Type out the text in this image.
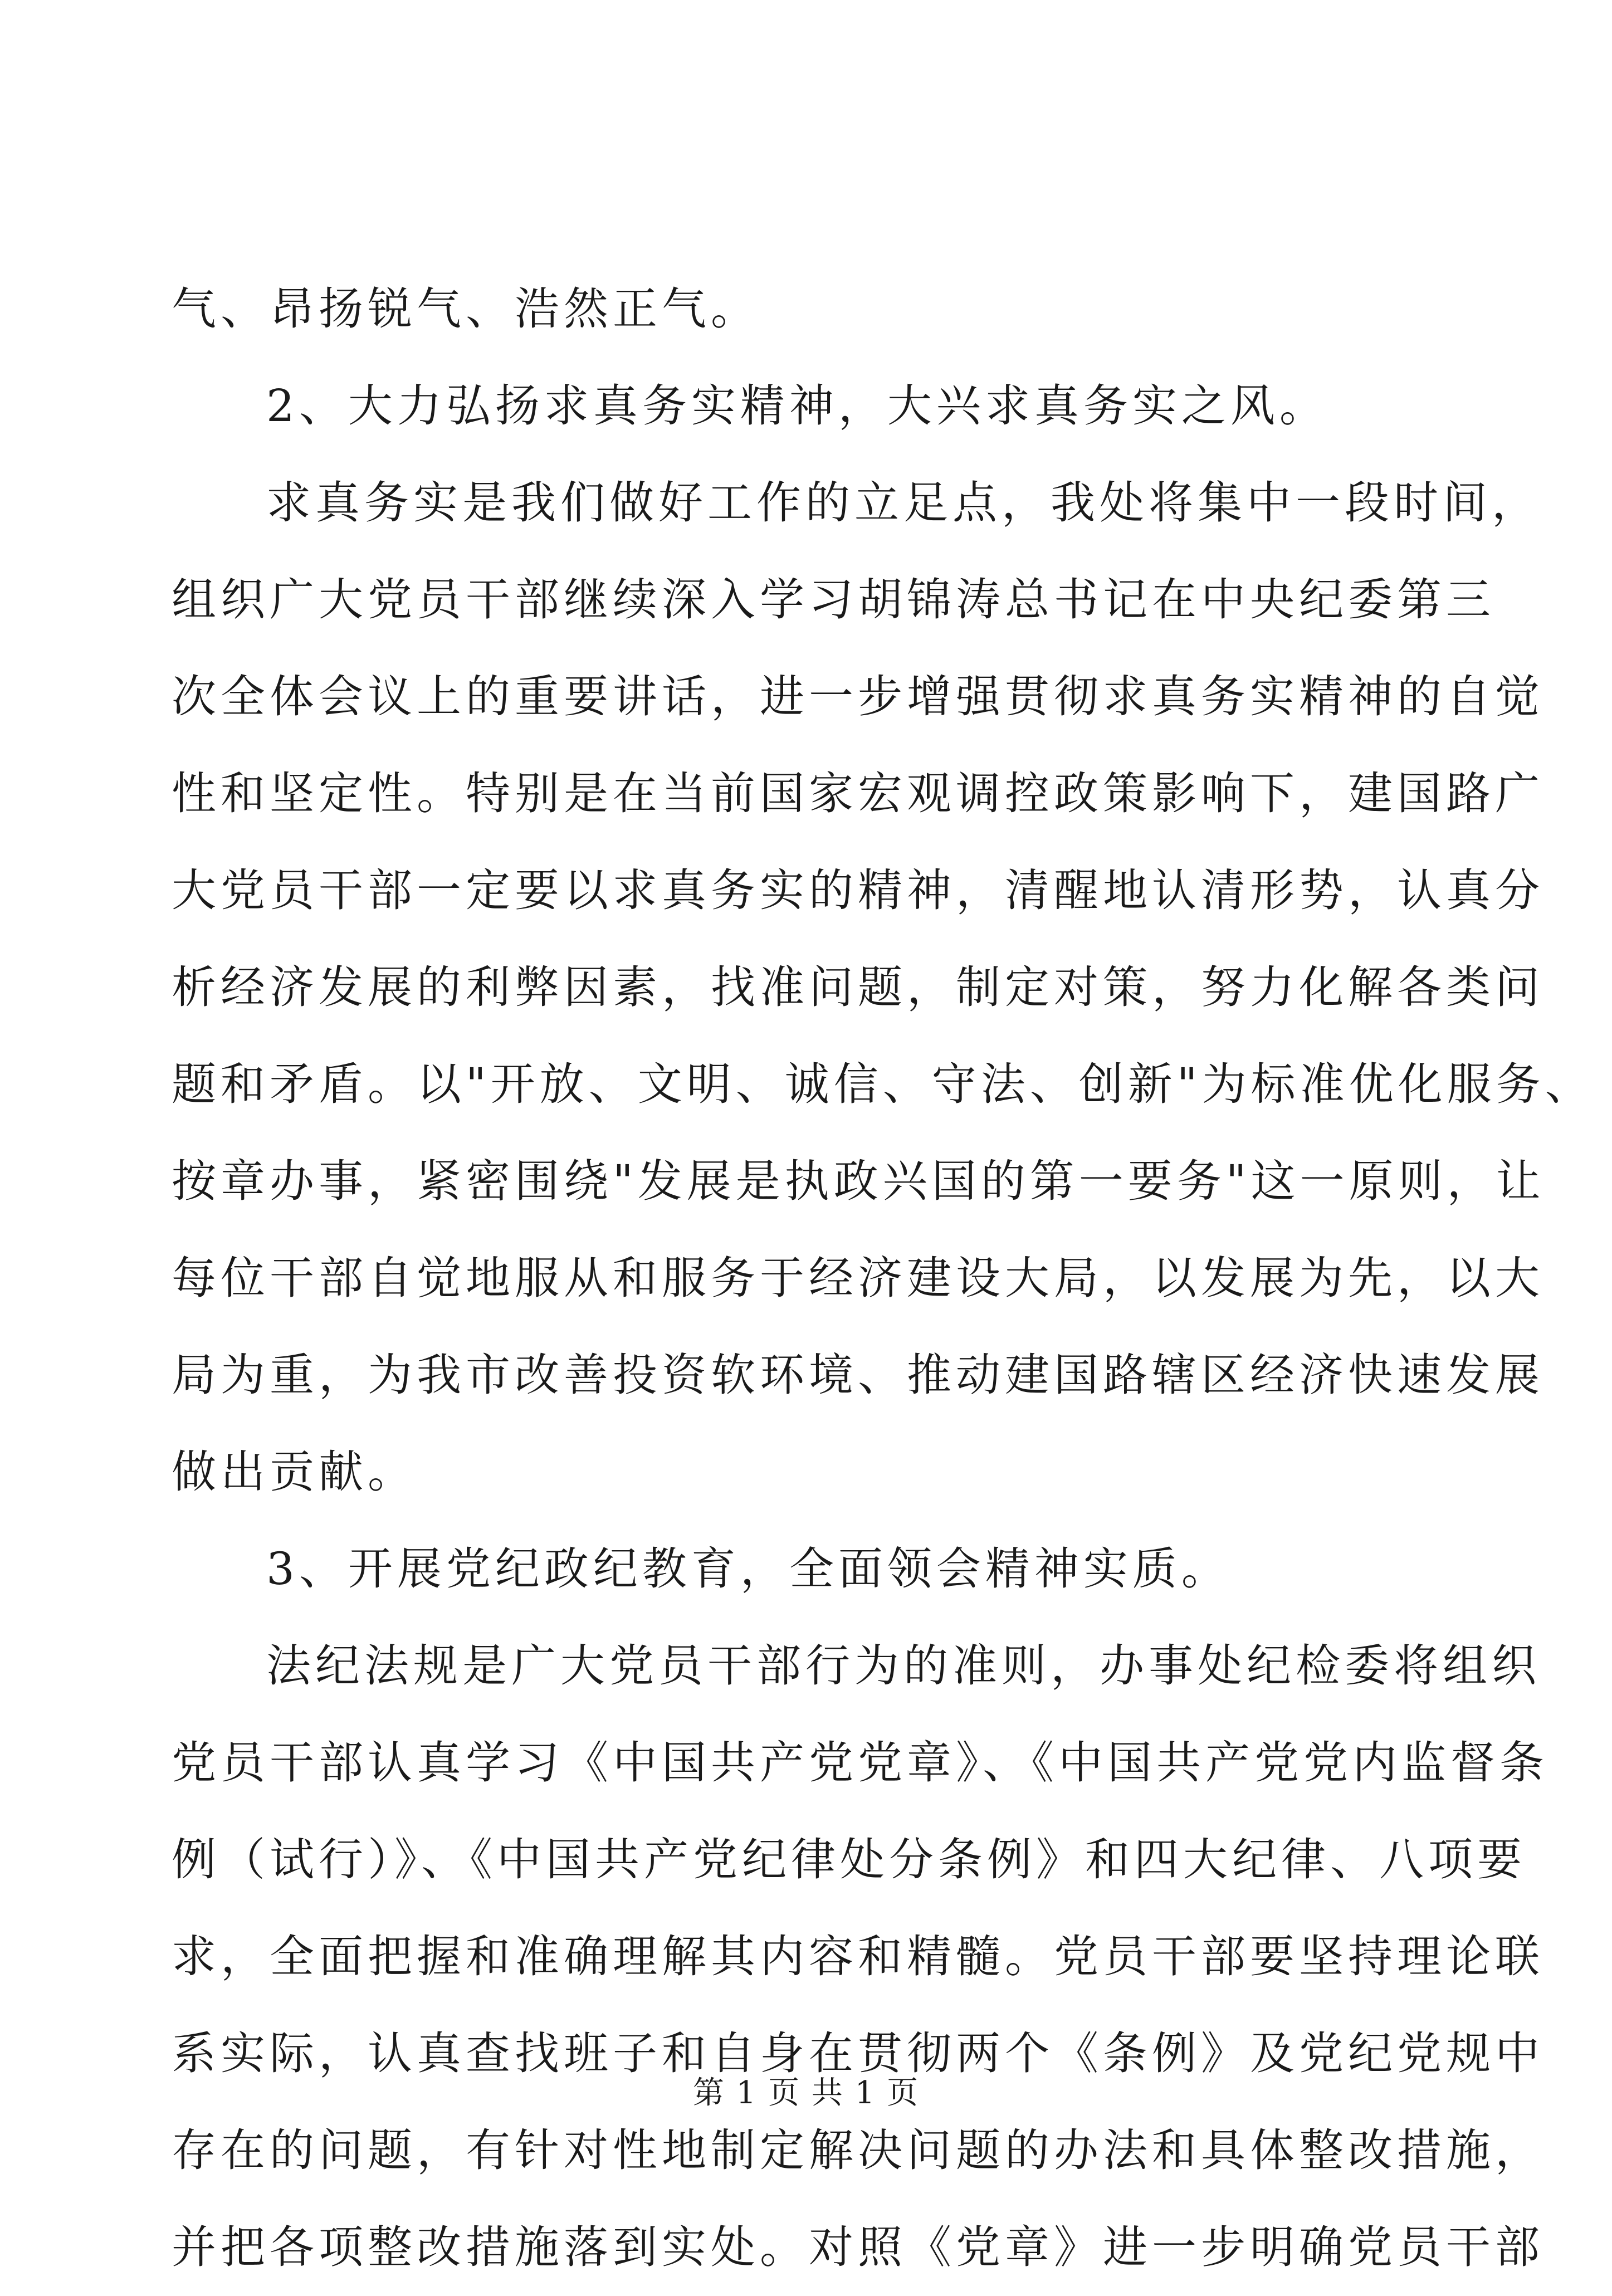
气、昂扬锐气、浩然正气。
2、大力弘扬求真务实精神，大兴求真务实之风。
求真务实是我们做好工作的立足点，我处将集中一段时间，
组织广大党员干部继续深入学习胡锦涛总书记在中央纪委第三
次全体会议上的重要讲话，进一步增强贯彻求真务实精神的自觉
性和坚定性。特别是在当前国家宏观调控政策影响下，建国路广
大党员干部一定要以求真务实的精神，清醒地认清形势，认真分
析经济发展的利弊因素，找准问题，制定对策，努力化解各类问
题和矛盾。以"开放、文明、诚信、守法、创新"为标准优化服务、
按章办事，紧密围绕"发展是执政兴国的第一要务"这一原则，让
每位干部自觉地服从和服务于经济建设大局，以发展为先，以大
局为重，为我市改善投资软环境、推动建国路辖区经济快速发展
做出贡献。
3、开展党纪政纪教育，全面领会精神实质。
法纪法规是广大党员干部行为的准则，办事处纪检委将组织
党员干部认真学习《中国共产党党章》、《中国共产党党内监督条
例（试行）》、《中国共产党纪律处分条例》和四大纪律、八项要
求，全面把握和准确理解其内容和精髓。党员干部要坚持理论联
系实际，认真查找班子和自身在贯彻两个《条例》及党纪党规中
存在的问题，有针对性地制定解决问题的办法和具体整改措施，
并把各项整改措施落到实处。对照《党章》进一步明确党员干部
第 1 页 共 1 页
